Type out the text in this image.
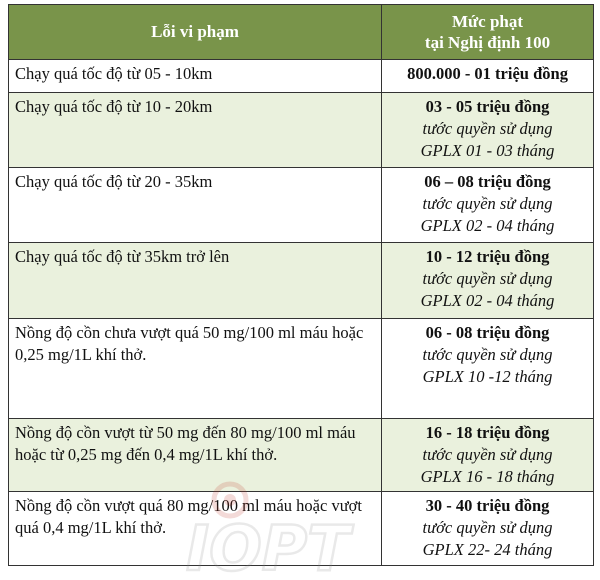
Lỗi vi phạm	Mức phạt
tại Nghị định 100
Chạy quá tốc độ từ 05 - 10km	800.000 - 01 triệu đồng

Chạy quá tốc độ từ 10 - 20km	03 - 05 triệu đồng
tước quyền sử dụng
GPLX 01 - 03 tháng

Chạy quá tốc độ từ 20 - 35km	06 – 08 triệu đồng
tước quyền sử dụng
GPLX 02 - 04 tháng

Chạy quá tốc độ từ 35km trở lên	10 - 12 triệu đồng
tước quyền sử dụng
GPLX 02 - 04 tháng

Nồng độ cồn chưa vượt quá 50 mg/100 ml máu hoặc 0,25 mg/1L khí thở.	06 - 08 triệu đồng
tước quyền sử dụng
GPLX 10 -12 tháng

Nồng độ cồn vượt từ 50 mg đến 80 mg/100 ml máu hoặc từ 0,25 mg đến 0,4 mg/1L khí thở.	16 - 18 triệu đồng
tước quyền sử dụng
GPLX 16 - 18 tháng

Nồng độ cồn vượt quá 80 mg/100 ml máu hoặc vượt quá 0,4 mg/1L khí thở.	30 - 40 triệu đồng
tước quyền sử dụng
GPLX 22- 24 tháng
IOPT
